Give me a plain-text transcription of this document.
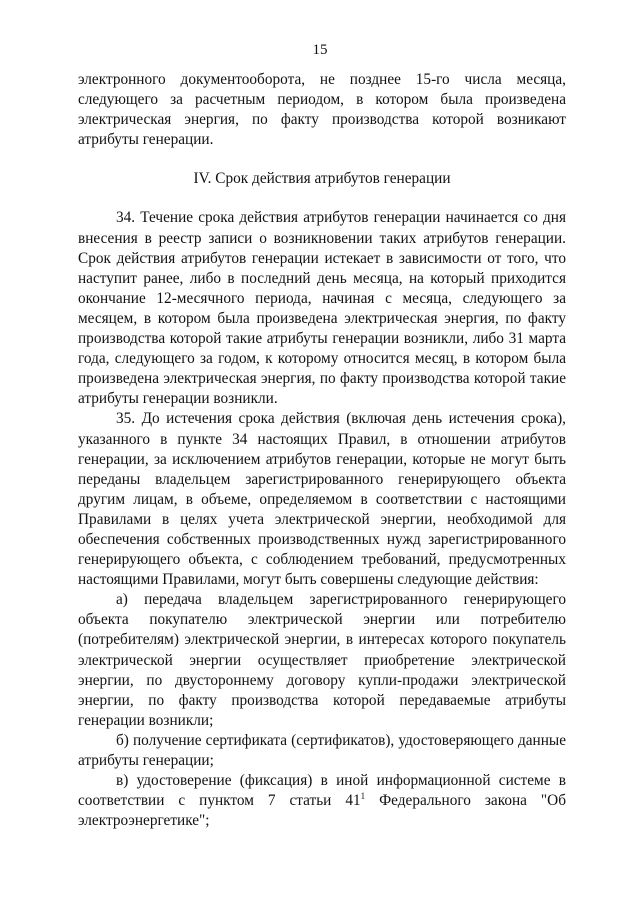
15

электронного документооборота, не позднее 15-го числа месяца, следующего за расчетным периодом, в котором была произведена электрическая энергия, по факту производства которой возникают атрибуты генерации.

IV. Срок действия атрибутов генерации

34. Течение срока действия атрибутов генерации начинается со дня внесения в реестр записи о возникновении таких атрибутов генерации. Срок действия атрибутов генерации истекает в зависимости от того, что наступит ранее, либо в последний день месяца, на который приходится окончание 12-месячного периода, начиная с месяца, следующего за месяцем, в котором была произведена электрическая энергия, по факту производства которой такие атрибуты генерации возникли, либо 31 марта года, следующего за годом, к которому относится месяц, в котором была произведена электрическая энергия, по факту производства которой такие атрибуты генерации возникли.

35. До истечения срока действия (включая день истечения срока), указанного в пункте 34 настоящих Правил, в отношении атрибутов генерации, за исключением атрибутов генерации, которые не могут быть переданы владельцем зарегистрированного генерирующего объекта другим лицам, в объеме, определяемом в соответствии с настоящими Правилами в целях учета электрической энергии, необходимой для обеспечения собственных производственных нужд зарегистрированного генерирующего объекта, с соблюдением требований, предусмотренных настоящими Правилами, могут быть совершены следующие действия:

а) передача владельцем зарегистрированного генерирующего объекта покупателю электрической энергии или потребителю (потребителям) электрической энергии, в интересах которого покупатель электрической энергии осуществляет приобретение электрической энергии, по двустороннему договору купли-продажи электрической энергии, по факту производства которой передаваемые атрибуты генерации возникли;

б) получение сертификата (сертификатов), удостоверяющего данные атрибуты генерации;

в) удостоверение (фиксация) в иной информационной системе в соответствии с пунктом 7 статьи $41^1$ Федерального закона "Об электроэнергетике";
